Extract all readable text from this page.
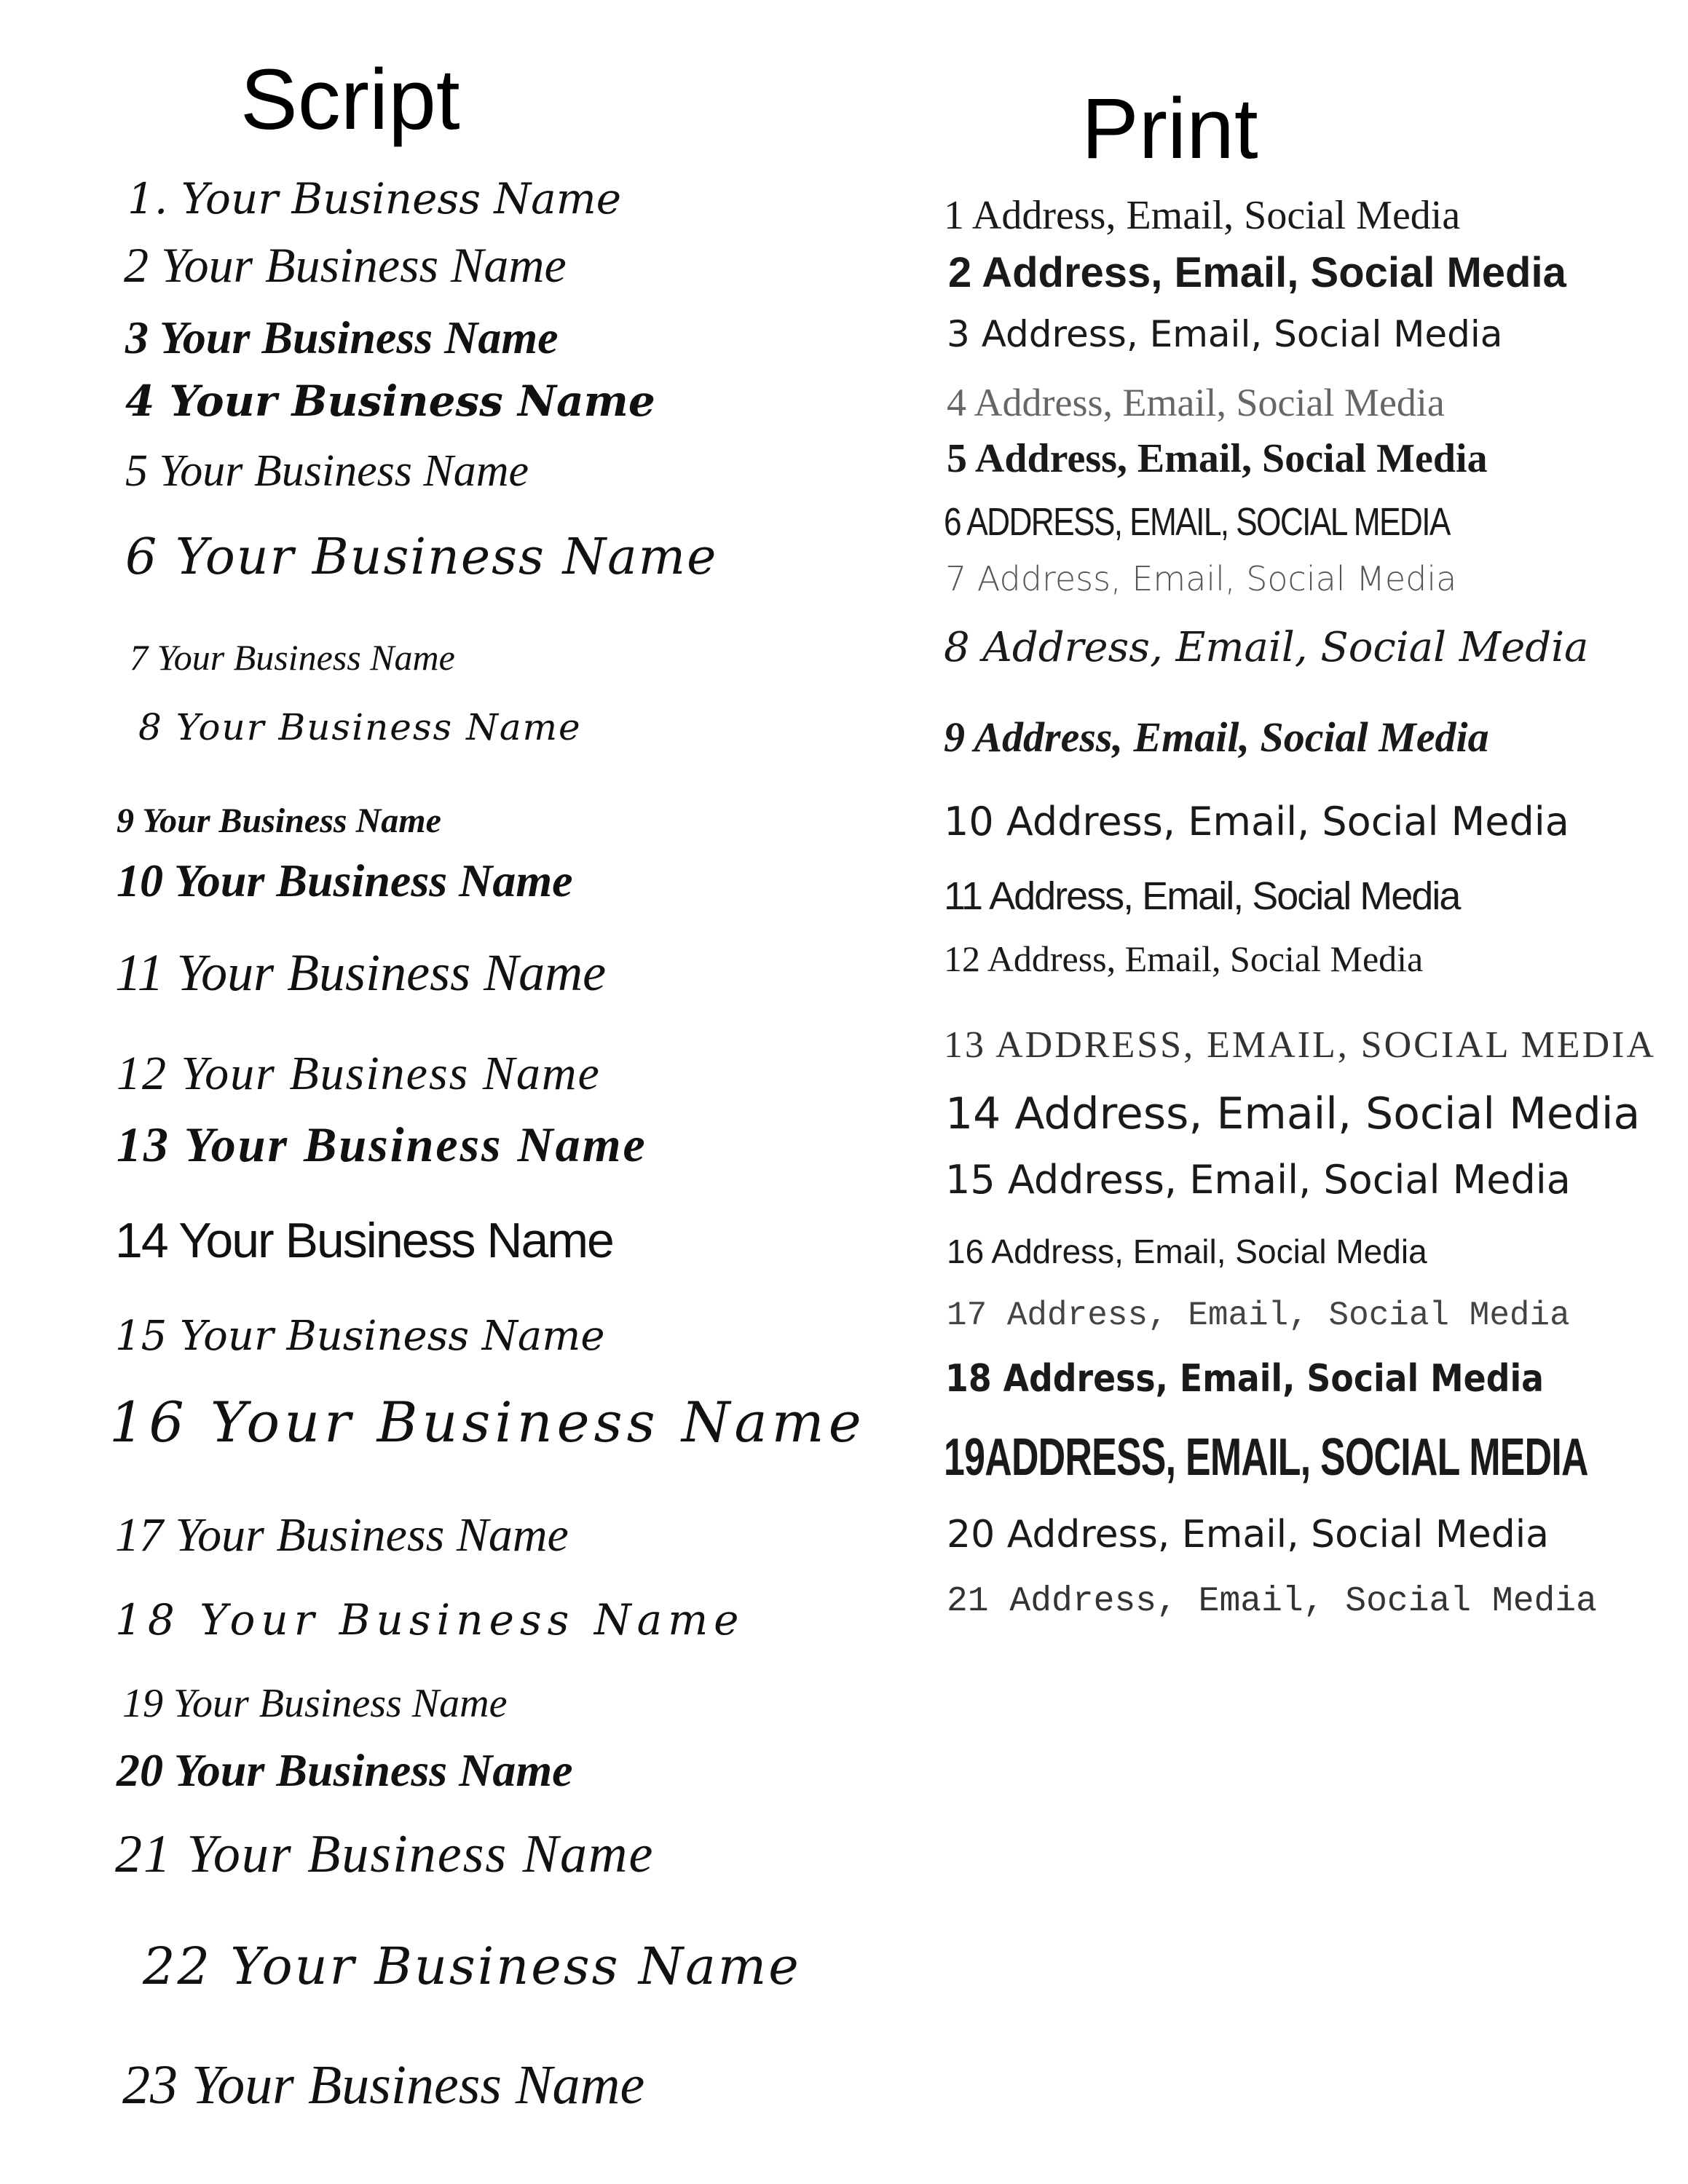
Script	Print
1. Your Business Name
2 Your Business Name
3 Your Business Name
4 Your Business Name
5 Your Business Name
6 Your Business Name
7 Your Business Name
8 Your Business Name
9 Your Business Name
10 Your Business Name
11 Your Business Name
12 Your Business Name
13 Your Business Name
14 Your Business Name
15 Your Business Name
16 Your Business Name
17 Your Business Name
18 Your Business Name
19 Your Business Name
20 Your Business Name
21 Your Business Name
22 Your Business Name
23 Your Business Name
1 Address, Email, Social Media
2 Address, Email, Social Media
3 Address, Email, Social Media
4 Address, Email, Social Media
5 Address, Email, Social Media
6 ADDRESS, EMAIL, SOCIAL MEDIA
7 Address, Email, Social Media
8 Address, Email, Social Media
9 Address, Email, Social Media
10 Address, Email, Social Media
11 Address, Email, Social Media
12 Address, Email, Social Media
13 ADDRESS, EMAIL, SOCIAL MEDIA
14 Address, Email, Social Media
15 Address, Email, Social Media
16 Address, Email, Social Media
17 Address, Email, Social Media
18 Address, Email, Social Media
19ADDRESS, EMAIL, SOCIAL MEDIA
20 Address, Email, Social Media
21 Address, Email, Social Media
